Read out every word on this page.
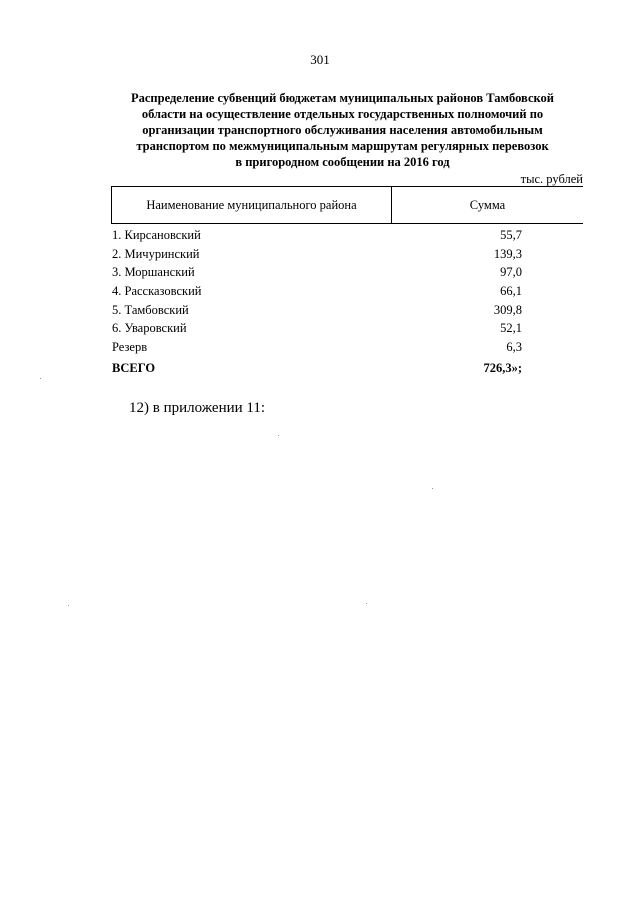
301
Распределение субвенций бюджетам муниципальных районов Тамбовской
области на осуществление отдельных государственных полномочий по
организации транспортного обслуживания населения автомобильным
транспортом по межмуниципальным маршрутам регулярных перевозок
в пригородном сообщении на 2016 год
тыс. рублей
Наименование муниципального района	Сумма
1. Кирсановский	55,7
2. Мичуринский	139,3
3. Моршанский	97,0
4. Рассказовский	66,1
5. Тамбовский	309,8
6. Уваровский	52,1
Резерв	6,3
ВСЕГО	726,3»;
12) в приложении 11:
